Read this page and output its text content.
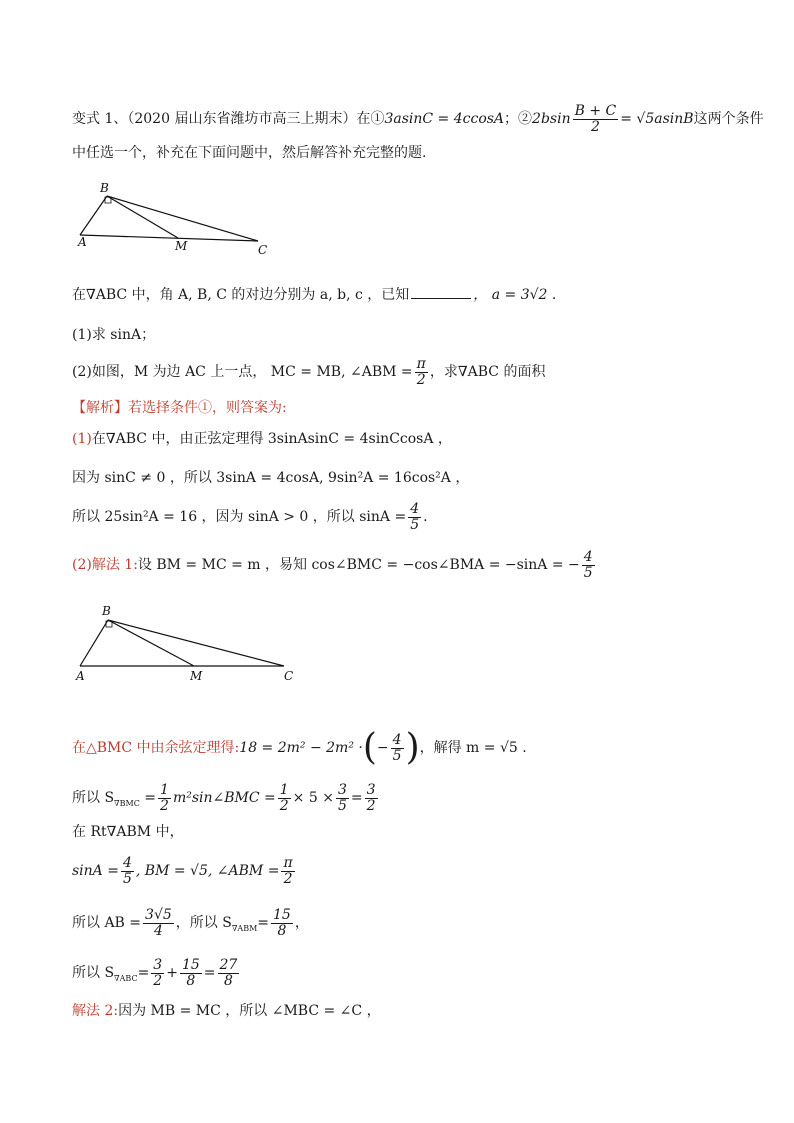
变式 1、（2020 届山东省潍坊市高三上期末）在①3asinC = 4ccosA；②2bsin $\frac{B + C}{2} = √5asinB$这两个条件
中任选一个，补充在下面问题中，然后解答补充完整的题.
B
A	M	C
在∇ABC 中，角 A, B, C 的对边分别为 a, b, c ，已知	， a = 3√2 .
(1)求 sinA；
(2)如图，M 为边 AC 上一点， MC = MB, ∠ABM = $\frac{\pi}{2}$ ，求∇ABC 的面积
【解析】若选择条件①，则答案为:
(1)在∇ABC 中，由正弦定理得 3sinAsinC = 4sinCcosA ，
因为 sinC ≠ 0 ，所以 3sinA = 4cosA, 9sin²A = 16cos²A ，
所以 25sin²A = 16 ，因为 sinA > 0 ，所以 $\sin A = \frac{4}{5}$ .
(2)解法 1:设 BM = MC = m ，易知 cos∠BMC = −cos∠BMA = −sinA = − $\frac{4}{5}$
B
A	M	C
在△BMC 中由余弦定理得:18 = 2m² − 2m² ·(− $\frac{4}{5}$ )，解得 m = √5 .
所以 $S_{\nabla BMC} = \frac{1}{2}$ m²sin∠BMC = $\frac{1}{2} \times 5 \times \frac{3}{5} = \frac{3}{2}$
在 Rt∇ABM 中，
$\sin A = \frac{4}{5}$ , BM = √5, ∠ABM = $\frac{\pi}{2}$
所以 AB = $\frac{3√5}{4}$ ，所以 $S_{\nabla ABM}= \frac{15}{8}$ ，
所以 $S_{\nabla ABC}= \frac{3}{2} + \frac{15}{8} = \frac{27}{8}$
解法 2:因为 MB = MC ，所以 ∠MBC = ∠C ，
